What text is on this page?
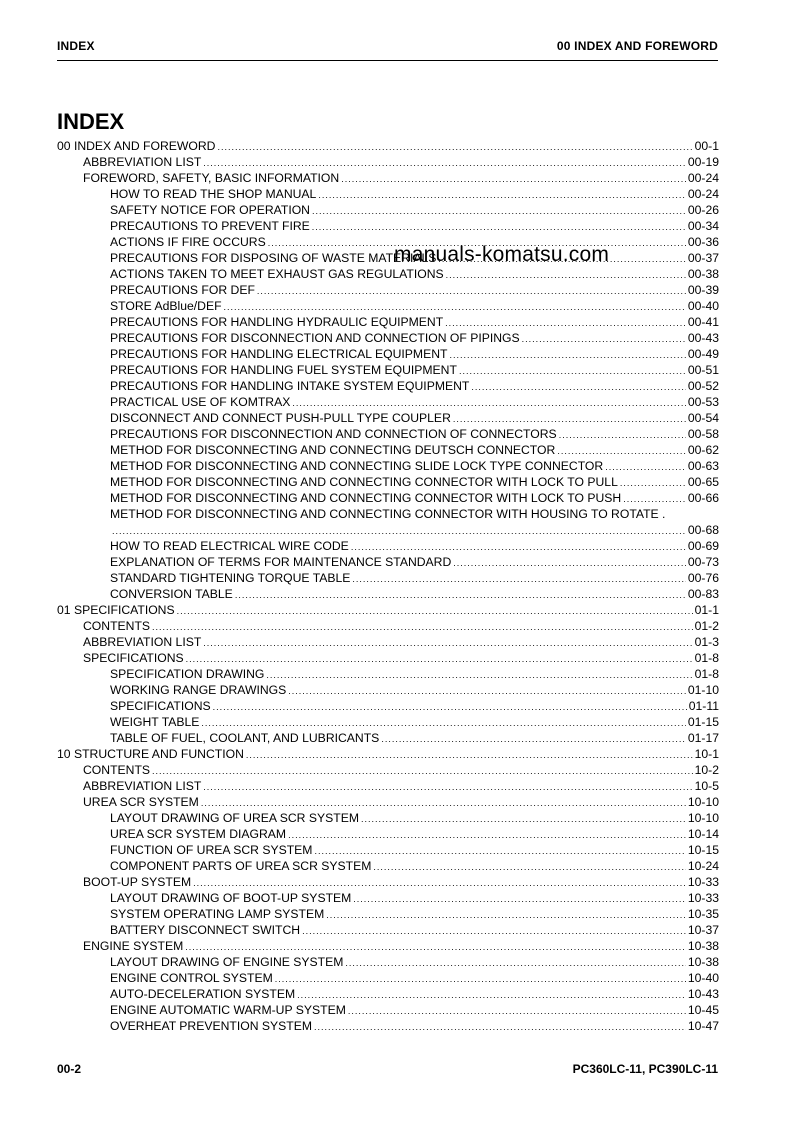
INDEX	00 INDEX AND FOREWORD
INDEX
00 INDEX AND FOREWORD .....	00-1
ABBREVIATION LIST .....	00-19
FOREWORD, SAFETY, BASIC INFORMATION .....	00-24
HOW TO READ THE SHOP MANUAL .....	00-24
SAFETY NOTICE FOR OPERATION .....	00-26
PRECAUTIONS TO PREVENT FIRE .....	00-34
ACTIONS IF FIRE OCCURS .....	00-36
PRECAUTIONS FOR DISPOSING OF WASTE MATERIALS .....	00-37
ACTIONS TAKEN TO MEET EXHAUST GAS REGULATIONS .....	00-38
PRECAUTIONS FOR DEF .....	00-39
STORE AdBlue/DEF .....	00-40
PRECAUTIONS FOR HANDLING HYDRAULIC EQUIPMENT .....	00-41
PRECAUTIONS FOR DISCONNECTION AND CONNECTION OF PIPINGS .....	00-43
PRECAUTIONS FOR HANDLING ELECTRICAL EQUIPMENT .....	00-49
PRECAUTIONS FOR HANDLING FUEL SYSTEM EQUIPMENT .....	00-51
PRECAUTIONS FOR HANDLING INTAKE SYSTEM EQUIPMENT .....	00-52
PRACTICAL USE OF KOMTRAX .....	00-53
DISCONNECT AND CONNECT PUSH-PULL TYPE COUPLER .....	00-54
PRECAUTIONS FOR DISCONNECTION AND CONNECTION OF CONNECTORS .....	00-58
METHOD FOR DISCONNECTING AND CONNECTING DEUTSCH CONNECTOR .....	00-62
METHOD FOR DISCONNECTING AND CONNECTING SLIDE LOCK TYPE CONNECTOR .....	00-63
METHOD FOR DISCONNECTING AND CONNECTING CONNECTOR WITH LOCK TO PULL .....	00-65
METHOD FOR DISCONNECTING AND CONNECTING CONNECTOR WITH LOCK TO PUSH .....	00-66
METHOD FOR DISCONNECTING AND CONNECTING CONNECTOR WITH HOUSING TO ROTATE .
.....
00-68
HOW TO READ ELECTRICAL WIRE CODE .....	00-69
EXPLANATION OF TERMS FOR MAINTENANCE STANDARD .....	00-73
STANDARD TIGHTENING TORQUE TABLE .....	00-76
CONVERSION TABLE .....	00-83
01 SPECIFICATIONS .....	01-1
CONTENTS .....	01-2
ABBREVIATION LIST .....	01-3
SPECIFICATIONS .....	01-8
SPECIFICATION DRAWING .....	01-8
WORKING RANGE DRAWINGS .....	01-10
SPECIFICATIONS .....	01-11
WEIGHT TABLE .....	01-15
TABLE OF FUEL, COOLANT, AND LUBRICANTS .....	01-17
10 STRUCTURE AND FUNCTION .....	10-1
CONTENTS .....	10-2
ABBREVIATION LIST .....	10-5
UREA SCR SYSTEM .....	10-10
LAYOUT DRAWING OF UREA SCR SYSTEM .....	10-10
UREA SCR SYSTEM DIAGRAM .....	10-14
FUNCTION OF UREA SCR SYSTEM .....	10-15
COMPONENT PARTS OF UREA SCR SYSTEM .....	10-24
BOOT-UP SYSTEM .....	10-33
LAYOUT DRAWING OF BOOT-UP SYSTEM .....	10-33
SYSTEM OPERATING LAMP SYSTEM .....	10-35
BATTERY DISCONNECT SWITCH .....	10-37
ENGINE SYSTEM .....	10-38
LAYOUT DRAWING OF ENGINE SYSTEM .....	10-38
ENGINE CONTROL SYSTEM .....	10-40
AUTO-DECELERATION SYSTEM .....	10-43
ENGINE AUTOMATIC WARM-UP SYSTEM .....	10-45
OVERHEAT PREVENTION SYSTEM .....	10-47
manuals-komatsu.com
00-2	PC360LC-11, PC390LC-11
